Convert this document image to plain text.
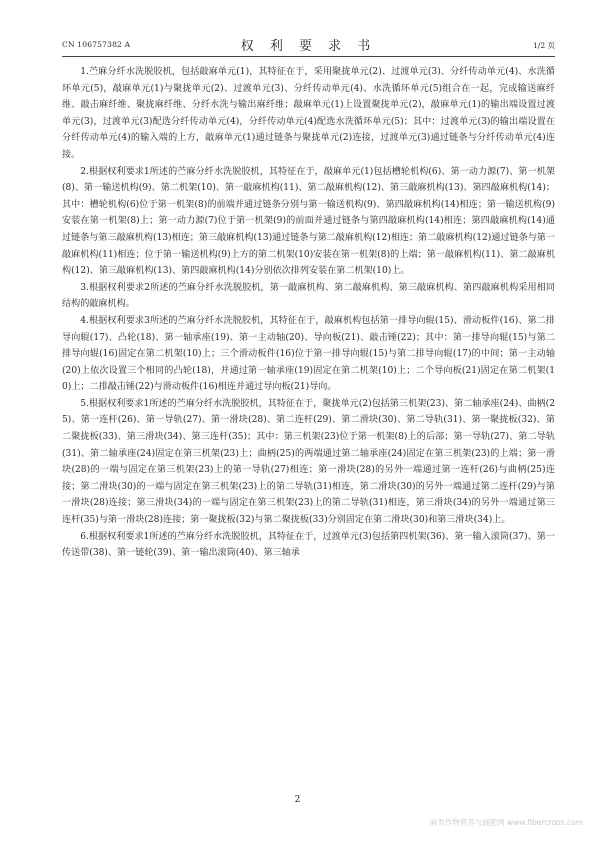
CN 106757382 A	权 利 要 求 书	1/2 页

1.苎麻分纤水洗脱胶机，包括敲麻单元(1)，其特征在于，采用聚拢单元(2)、过渡单元(3)、分纤传动单元(4)、水洗循环单元(5)，敲麻单元(1)与聚拢单元(2)、过渡单元(3)、分纤传动单元(4)、水洗循环单元(5)组合在一起，完成输送麻纤维、敲击麻纤维、聚拢麻纤维、分纤水洗与输出麻纤维；敲麻单元(1)上设置聚拢单元(2)，敲麻单元(1)的输出端设置过渡单元(3)，过渡单元(3)配选分纤传动单元(4)，分纤传动单元(4)配选水洗循环单元(5)；其中：过渡单元(3)的输出端设置在分纤传动单元(4)的输入端的上方，敲麻单元(1)通过链条与聚拢单元(2)连接，过渡单元(3)通过链条与分纤传动单元(4)连接。

2.根据权利要求1所述的苎麻分纤水洗脱胶机，其特征在于，敲麻单元(1)包括槽轮机构(6)、第一动力源(7)、第一机架(8)、第一输送机构(9)、第二机架(10)、第一敲麻机构(11)、第二敲麻机构(12)、第三敲麻机构(13)、第四敲麻机构(14)；其中：槽轮机构(6)位于第一机架(8)的前端并通过链条分别与第一输送机构(9)、第四敲麻机构(14)相连；第一输送机构(9)安装在第一机架(8)上；第一动力源(7)位于第一机架(9)的前面并通过链条与第四敲麻机构(14)相连；第四敲麻机构(14)通过链条与第三敲麻机构(13)相连；第三敲麻机构(13)通过链条与第二敲麻机构(12)相连；第二敲麻机构(12)通过链条与第一敲麻机构(11)相连；位于第一输送机构(9)上方的第二机架(10)安装在第一机架(8)的上端；第一敲麻机构(11)、第二敲麻机构(12)、第三敲麻机构(13)、第四敲麻机构(14)分别依次排列安装在第二机架(10)上。

3.根据权利要求2所述的苎麻分纤水洗脱胶机，第一敲麻机构、第二敲麻机构、第三敲麻机构、第四敲麻机构采用相同结构的敲麻机构。

4.根据权利要求3所述的苎麻分纤水洗脱胶机，其特征在于，敲麻机构包括第一排导向辊(15)、滑动板件(16)、第二排导向辊(17)、凸轮(18)、第一轴承座(19)、第一主动轴(20)、导向板(21)、敲击锤(22)；其中：第一排导向辊(15)与第二排导向辊(16)固定在第二机架(10)上；三个滑动板件(16)位于第一排导向辊(15)与第二排导向辊(17)的中间；第一主动轴(20)上依次设置三个相同的凸轮(18)，并通过第一轴承座(19)固定在第二机架(10)上；二个导向板(21)固定在第二机架(10)上；二排敲击锤(22)与滑动板件(16)相连并通过导向板(21)导向。

5.根据权利要求1所述的苎麻分纤水洗脱胶机，其特征在于，聚拢单元(2)包括第三机架(23)、第二轴承座(24)、曲柄(25)、第一连杆(26)、第一导轨(27)、第一滑块(28)、第二连杆(29)、第二滑块(30)、第二导轨(31)、第一聚拢板(32)、第二聚拢板(33)、第三滑块(34)、第三连杆(35)；其中：第三机架(23)位于第一机架(8)上的后部；第一导轨(27)、第二导轨(31)、第二轴承座(24)固定在第三机架(23)上；曲柄(25)的两端通过第二轴承座(24)固定在第三机架(23)的上端；第一滑块(28)的一端与固定在第三机架(23)上的第一导轨(27)相连；第一滑块(28)的另外一端通过第一连杆(26)与曲柄(25)连接；第二滑块(30)的一端与固定在第三机架(23)上的第二导轨(31)相连，第二滑块(30)的另外一端通过第二连杆(29)与第一滑块(28)连接；第三滑块(34)的一端与固定在第三机架(23)上的第二导轨(31)相连，第三滑块(34)的另外一端通过第三连杆(35)与第一滑块(28)连接；第一聚拢板(32)与第二聚拢板(33)分别固定在第二滑块(30)和第三滑块(34)上。

6.根据权利要求1所述的苎麻分纤水洗脱胶机，其特征在于，过渡单元(3)包括第四机架(36)、第一输入滚筒(37)、第一传送带(38)、第一链轮(39)、第一输出滚筒(40)、第三轴承

2
麻类作物营养与施肥网 www.fibercrops.com
